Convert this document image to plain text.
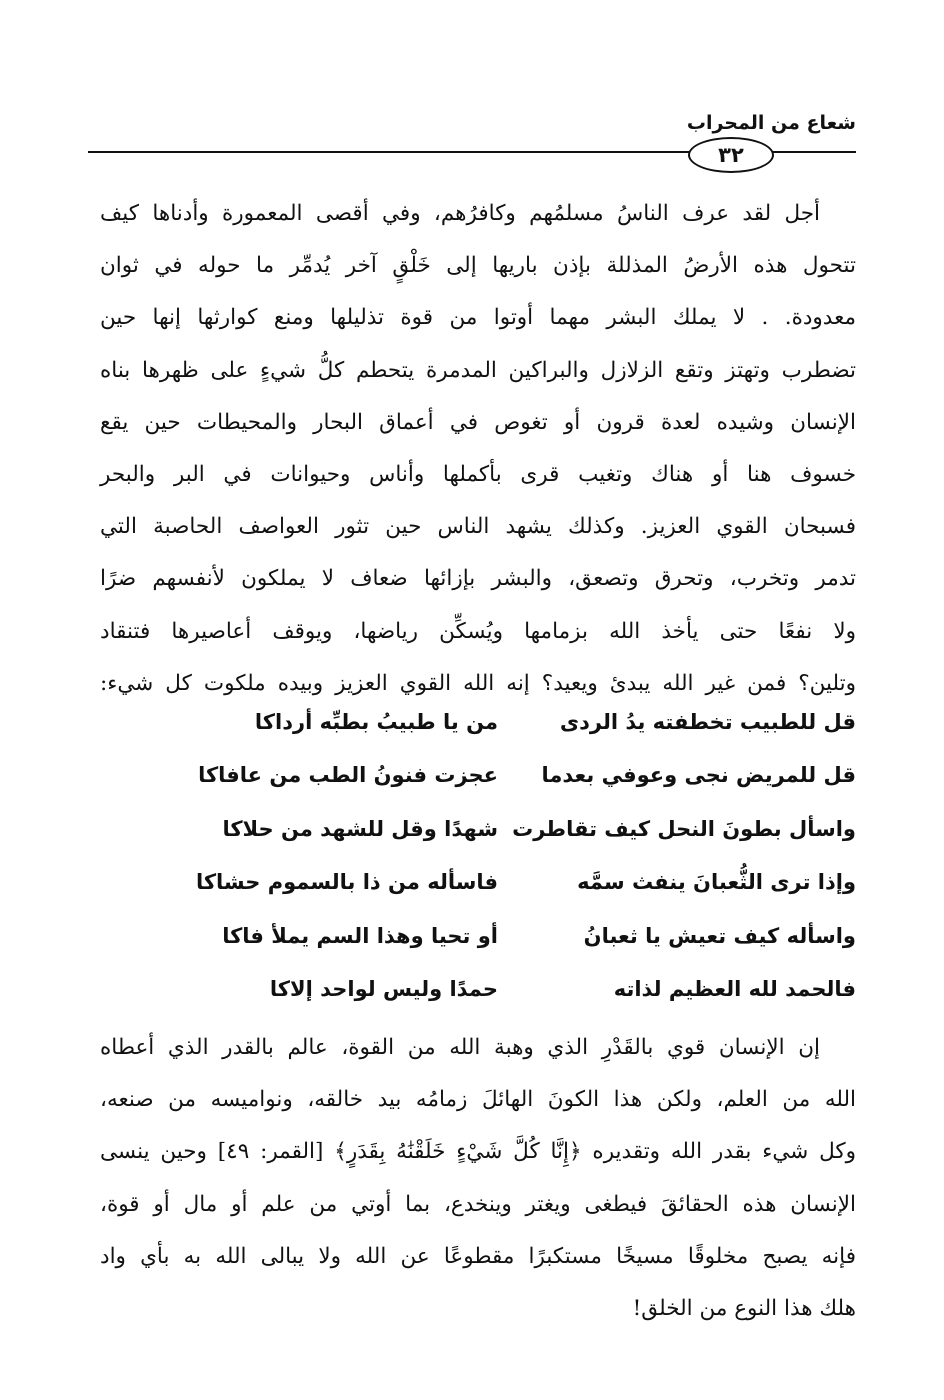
شعاع من المحراب
٣٢
أجل لقد عرف الناسُ مسلمُهم وكافرُهم، وفي أقصى المعمورة وأدناها كيف
تتحول هذه الأرضُ المذللة بإذن باريها إلى خَلْقٍ آخر يُدمِّر ما حوله في ثوان
معدودة. . لا يملك البشر مهما أوتوا من قوة تذليلها ومنع كوارثها إنها حين
تضطرب وتهتز وتقع الزلازل والبراكين المدمرة يتحطم كلُّ شيءٍ على ظهرها بناه
الإنسان وشيده لعدة قرون أو تغوص في أعماق البحار والمحيطات حين يقع
خسوف هنا أو هناك وتغيب قرى بأكملها وأناس وحيوانات في البر والبحر
فسبحان القوي العزيز. وكذلك يشهد الناس حين تثور العواصف الحاصبة التي
تدمر وتخرب، وتحرق وتصعق، والبشر بإزائها ضعاف لا يملكون لأنفسهم ضرًا
ولا نفعًا حتى يأخذ الله بزمامها ويُسكِّن رياضها، ويوقف أعاصيرها فتنقاد
وتلين؟ فمن غير الله يبدئ ويعيد؟ إنه الله القوي العزيز وبيده ملكوت كل شيء:
قل للطبيب تخطفته يدُ الردى
من يا طبيبُ بطبِّه أرداكا
قل للمريض نجى وعوفي بعدما
عجزت فنونُ الطب من عافاكا
واسأل بطونَ النحل كيف تقاطرت
شهدًا وقل للشهد من حلاكا
وإذا ترى الثُّعبانَ ينفث سمَّه
فاسأله من ذا بالسموم حشاكا
واسأله كيف تعيش يا ثعبانُ
أو تحيا وهذا السم يملأ فاكا
فالحمد لله العظيم لذاته
حمدًا وليس لواحد إلاكا
إن الإنسان قوي بالقَدْرِ الذي وهبة الله من القوة، عالم بالقدر الذي أعطاه
الله من العلم، ولكن هذا الكونَ الهائلَ زمامُه بيد خالقه، ونواميسه من صنعه،
وكل شيء بقدر الله وتقديره ﴿إِنَّا كُلَّ شَيْءٍ خَلَقْنَٰهُ بِقَدَرٍ﴾ [القمر: ٤٩] وحين ينسى
الإنسان هذه الحقائقَ فيطغى ويغتر وينخدع، بما أوتي من علم أو مال أو قوة،
فإنه يصبح مخلوقًا مسيخًا مستكبرًا مقطوعًا عن الله ولا يبالى الله به بأي واد
هلك هذا النوع من الخلق!
